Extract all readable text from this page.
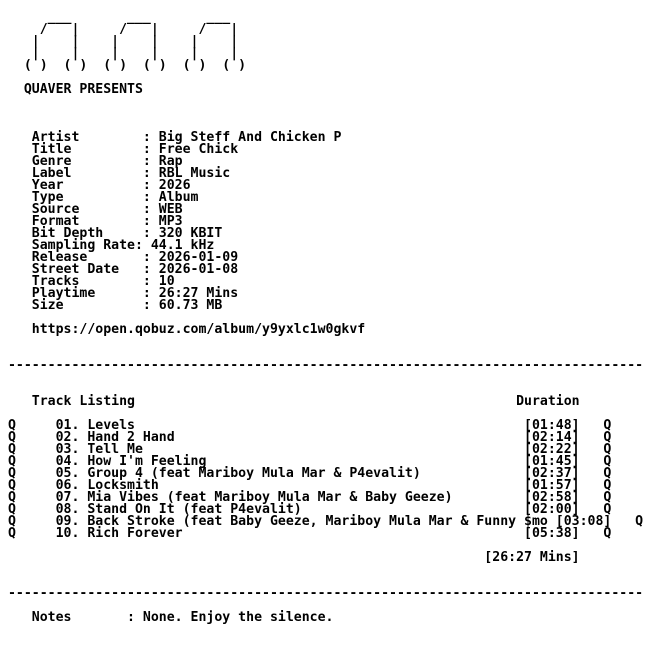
___       ___       ___
/   |     /   |     /   |
|    |    |    |    |    |
|    |    |    |    |    |
( )  ( )  ( )  ( )  ( )  ( )

QUAVER PRESENTS

Artist        : Big Steff And Chicken P
Title         : Free Chick
Genre         : Rap
Label         : RBL Music
Year          : 2026
Type          : Album
Source        : WEB
Format        : MP3
Bit Depth     : 320 KBIT
Sampling Rate: 44.1 kHz
Release       : 2026-01-09
Street Date   : 2026-01-08
Tracks        : 10
Playtime      : 26:27 Mins
Size          : 60.73 MB

https://open.qobuz.com/album/y9yxlc1w0gkvf

--------------------------------------------------------------------------------

Track Listing                                                Duration

Q     01. Levels                                                 [01:48]   Q
Q     02. Hand 2 Hand                                            [02:14]   Q
Q     03. Tell Me                                                [02:22]   Q
Q     04. How I'm Feeling                                        [01:45]   Q
Q     05. Group 4 (feat Mariboy Mula Mar & P4evalit)             [02:37]   Q
Q     06. Locksmith                                              [01:57]   Q
Q     07. Mia Vibes (feat Mariboy Mula Mar & Baby Geeze)         [02:58]   Q
Q     08. Stand On It (feat P4evalit)                            [02:00]   Q
Q     09. Back Stroke (feat Baby Geeze, Mariboy Mula Mar & Funny $mo [03:08]   Q
Q     10. Rich Forever                                           [05:38]   Q

[26:27 Mins]

--------------------------------------------------------------------------------

Notes       : None. Enjoy the silence.
